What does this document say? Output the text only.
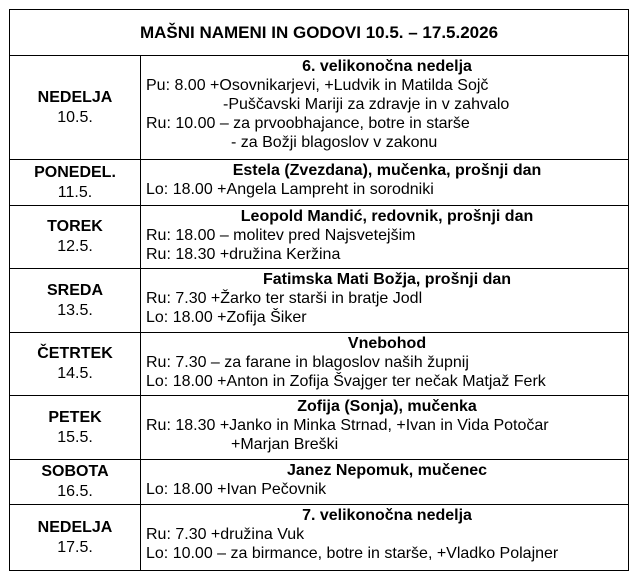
MAŠNI NAMENI IN GODOVI 10.5. – 17.5.2026	

NEDELJA
10.5.	6. velikonočna nedelja
Pu: 8.00 +Osovnikarjevi, +Ludvik in Matilda Sojč
-Puščavski Mariji za zdravje in v zahvalo
Ru: 10.00 – za prvoobhajance, botre in starše
- za Božji blagoslov v zakonu

PONEDEL.
11.5.	Estela (Zvezdana), mučenka, prošnji dan
Lo: 18.00 +Angela Lampreht in sorodniki

TOREK
12.5.	Leopold Mandić, redovnik, prošnji dan
Ru: 18.00 – molitev pred Najsvetejšim
Ru: 18.30 +družina Keržina

SREDA
13.5.	Fatimska Mati Božja, prošnji dan
Ru: 7.30 +Žarko ter starši in bratje Jodl
Lo: 18.00 +Zofija Šiker

ČETRTEK
14.5.	Vnebohod
Ru: 7.30 – za farane in blagoslov naših župnij
Lo: 18.00 +Anton in Zofija Švajger ter nečak Matjaž Ferk

PETEK
15.5.	Zofija (Sonja), mučenka
Ru: 18.30 +Janko in Minka Strnad, +Ivan in Vida Potočar
+Marjan Breški

SOBOTA
16.5.	Janez Nepomuk, mučenec
Lo: 18.00 +Ivan Pečovnik

NEDELJA
17.5.	7. velikonočna nedelja
Ru: 7.30 +družina Vuk
Lo: 10.00 – za birmance, botre in starše, +Vladko Polajner
